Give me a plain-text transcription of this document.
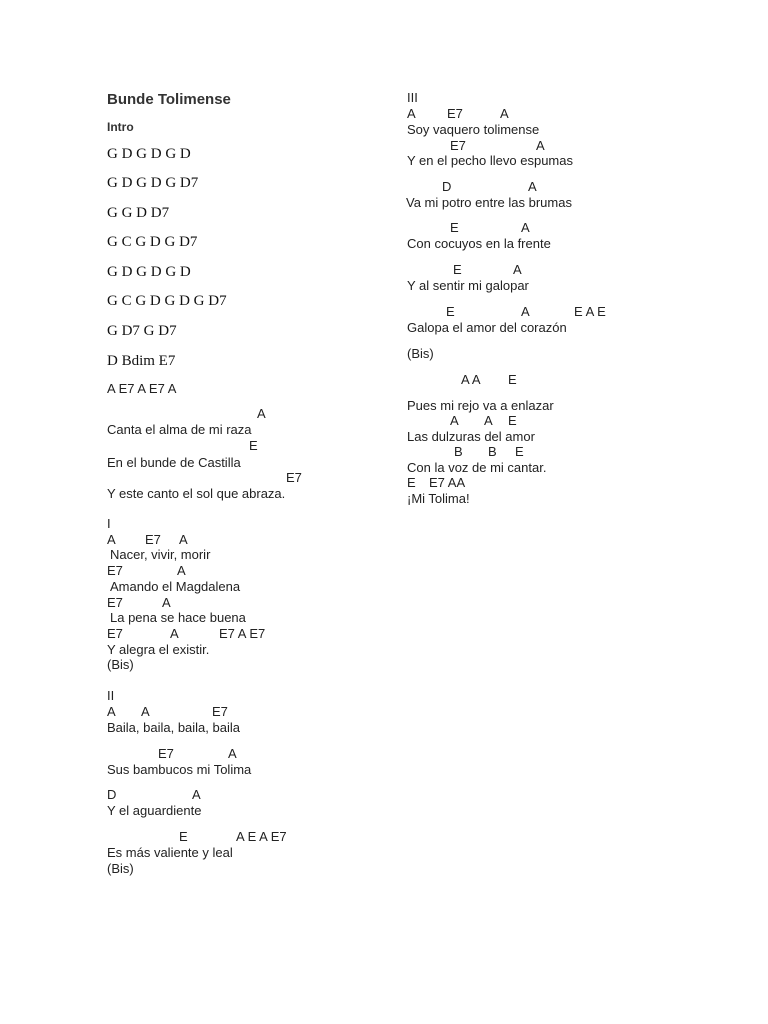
Bunde Tolimense
Intro
G D G D G D
G D G D G D7
G G D D7
G C G D G D7
G D G D G D
G C G D G D G D7
G D7 G D7
D Bdim E7
A E7 A E7 A
A
Canta el alma de mi raza
E
En el bunde de Castilla
E7
Y este canto el sol que abraza.
I
A E7 A
Nacer, vivir, morir
E7	A
Amando el Magdalena
E7	A
La pena se hace buena
E7	A	E7 A E7
Y alegra el existir.
(Bis)
II
A A	E7
Baila, baila, baila, baila
E7	A
Sus bambucos mi Tolima
D	A
Y el aguardiente
E	A E A E7
Es más valiente y leal
(Bis)
III
A E7	A
Soy vaquero tolimense
E7	A
Y en el pecho llevo espumas
D	A
Va mi potro entre las brumas
E	A
Con cocuyos en la frente
E	A
Y al sentir mi galopar
E	A	E A E
Galopa el amor del corazón
(Bis)
A A E
Pues mi rejo va a enlazar
A A E
Las dulzuras del amor
B B E
Con la voz de mi cantar.
E E7 AA
¡Mi Tolima!
